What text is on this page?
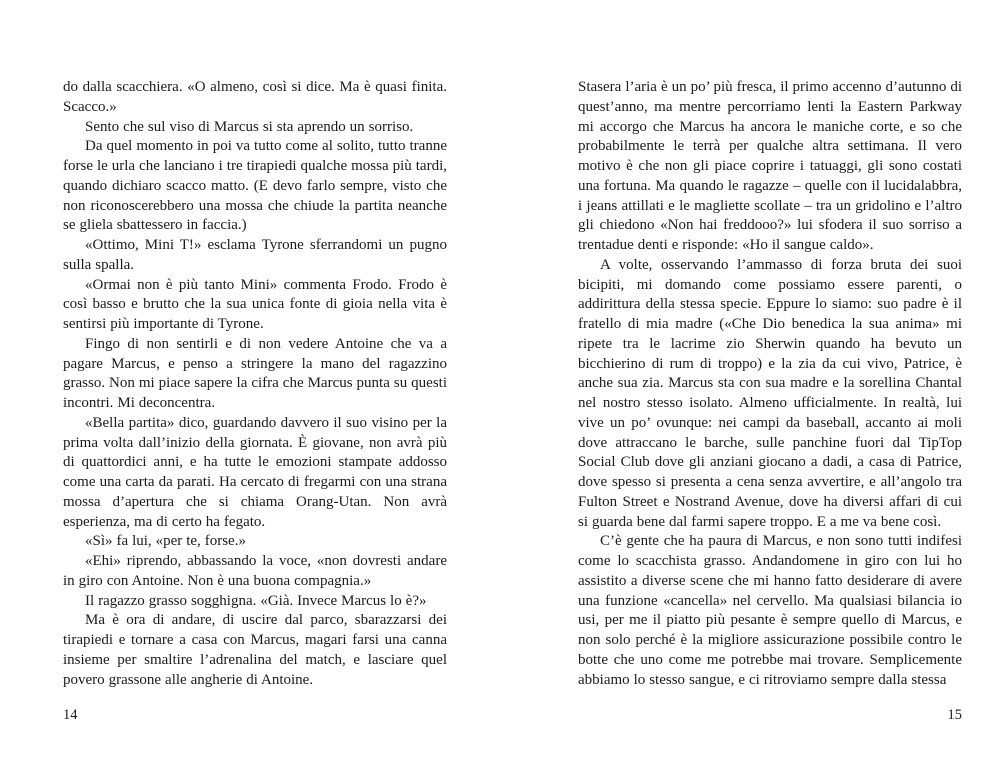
do dalla scacchiera. «O almeno, così si dice. Ma è quasi finita. Scacco.»

Sento che sul viso di Marcus si sta aprendo un sorriso.

Da quel momento in poi va tutto come al solito, tutto tranne forse le urla che lanciano i tre tirapiedi qualche mossa più tardi, quando dichiaro scacco matto. (E devo farlo sempre, visto che non riconoscerebbero una mossa che chiude la partita neanche se gliela sbattessero in faccia.)

«Ottimo, Mini T!» esclama Tyrone sferrandomi un pugno sulla spalla.

«Ormai non è più tanto Mini» commenta Frodo. Frodo è così basso e brutto che la sua unica fonte di gioia nella vita è sentirsi più importante di Tyrone.

Fingo di non sentirli e di non vedere Antoine che va a pagare Marcus, e penso a stringere la mano del ragazzino grasso. Non mi piace sapere la cifra che Marcus punta su questi incontri. Mi deconcentra.

«Bella partita» dico, guardando davvero il suo visino per la prima volta dall’inizio della giornata. È giovane, non avrà più di quattordici anni, e ha tutte le emozioni stampate addosso come una carta da parati. Ha cercato di fregarmi con una strana mossa d’apertura che si chiama Orang-Utan. Non avrà esperienza, ma di certo ha fegato.

«Sì» fa lui, «per te, forse.»

«Ehi» riprendo, abbassando la voce, «non dovresti andare in giro con Antoine. Non è una buona compagnia.»

Il ragazzo grasso sogghigna. «Già. Invece Marcus lo è?»

Ma è ora di andare, di uscire dal parco, sbarazzarsi dei tirapiedi e tornare a casa con Marcus, magari farsi una canna insieme per smaltire l’adrenalina del match, e lasciare quel povero grassone alle angherie di Antoine.

Stasera l’aria è un po’ più fresca, il primo accenno d’autunno di quest’anno, ma mentre percorriamo lenti la Eastern Parkway mi accorgo che Marcus ha ancora le maniche corte, e so che probabilmente le terrà per qualche altra settimana. Il vero motivo è che non gli piace coprire i tatuaggi, gli sono costati una fortuna. Ma quando le ragazze – quelle con il lucidalabbra, i jeans attillati e le magliette scollate – tra un gridolino e l’altro gli chiedono «Non hai freddooo?» lui sfodera il suo sorriso a trentadue denti e risponde: «Ho il sangue caldo».

A volte, osservando l’ammasso di forza bruta dei suoi bicipiti, mi domando come possiamo essere parenti, o addirittura della stessa specie. Eppure lo siamo: suo padre è il fratello di mia madre («Che Dio benedica la sua anima» mi ripete tra le lacrime zio Sherwin quando ha bevuto un bicchierino di rum di troppo) e la zia da cui vivo, Patrice, è anche sua zia. Marcus sta con sua madre e la sorellina Chantal nel nostro stesso isolato. Almeno ufficialmente. In realtà, lui vive un po’ ovunque: nei campi da baseball, accanto ai moli dove attraccano le barche, sulle panchine fuori dal TipTop Social Club dove gli anziani giocano a dadi, a casa di Patrice, dove spesso si presenta a cena senza avvertire, e all’angolo tra Fulton Street e Nostrand Avenue, dove ha diversi affari di cui si guarda bene dal farmi sapere troppo. E a me va bene così.

C’è gente che ha paura di Marcus, e non sono tutti indifesi come lo scacchista grasso. Andandomene in giro con lui ho assistito a diverse scene che mi hanno fatto desiderare di avere una funzione «cancella» nel cervello. Ma qualsiasi bilancia io usi, per me il piatto più pesante è sempre quello di Marcus, e non solo perché è la migliore assicurazione possibile contro le botte che uno come me potrebbe mai trovare. Semplicemente abbiamo lo stesso sangue, e ci ritroviamo sempre dalla stessa

14	15
